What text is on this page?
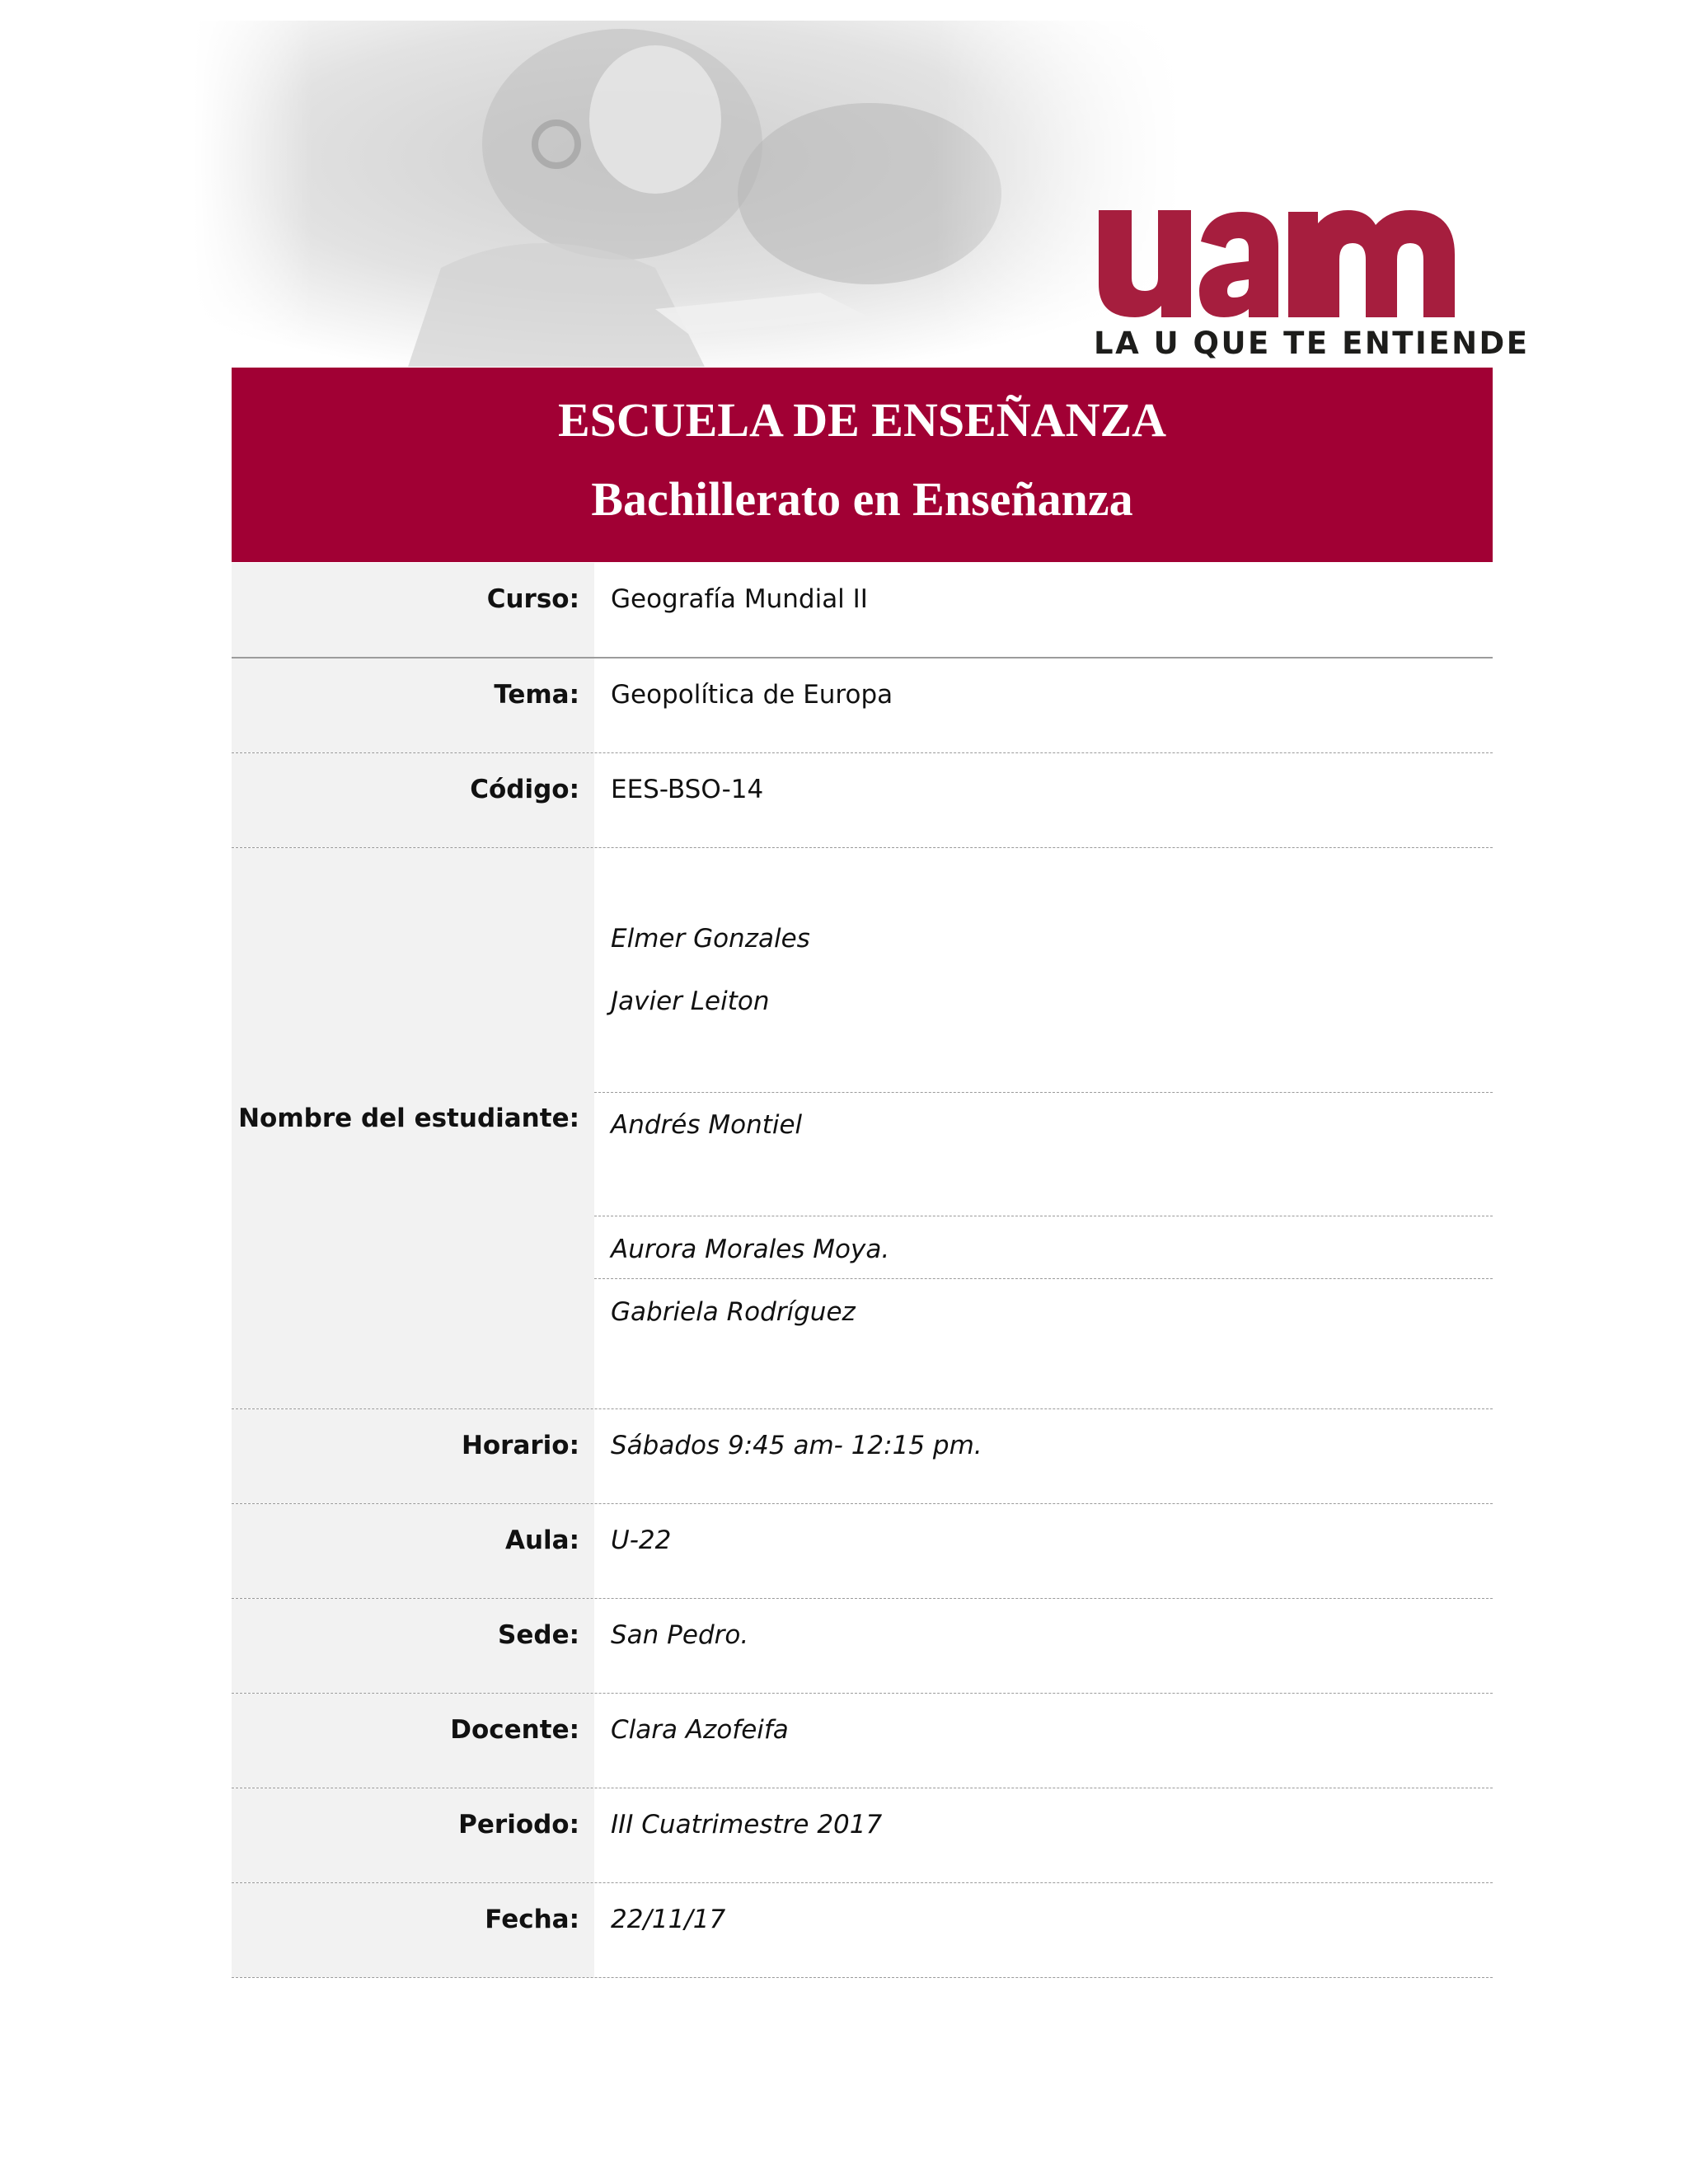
LA U QUE TE ENTIENDE
ESCUELA DE ENSEÑANZA
Bachillerato en Enseñanza
Curso: Geografía Mundial II
Tema: Geopolítica de Europa
Código: EES-BSO-14
Nombre del estudiante:
Elmer Gonzales
Javier Leiton
Andrés Montiel
Aurora Morales Moya.
Gabriela Rodríguez
Horario: Sábados 9:45 am- 12:15 pm.
Aula: U-22
Sede: San Pedro.
Docente: Clara Azofeifa
Periodo: III Cuatrimestre 2017
Fecha: 22/11/17
